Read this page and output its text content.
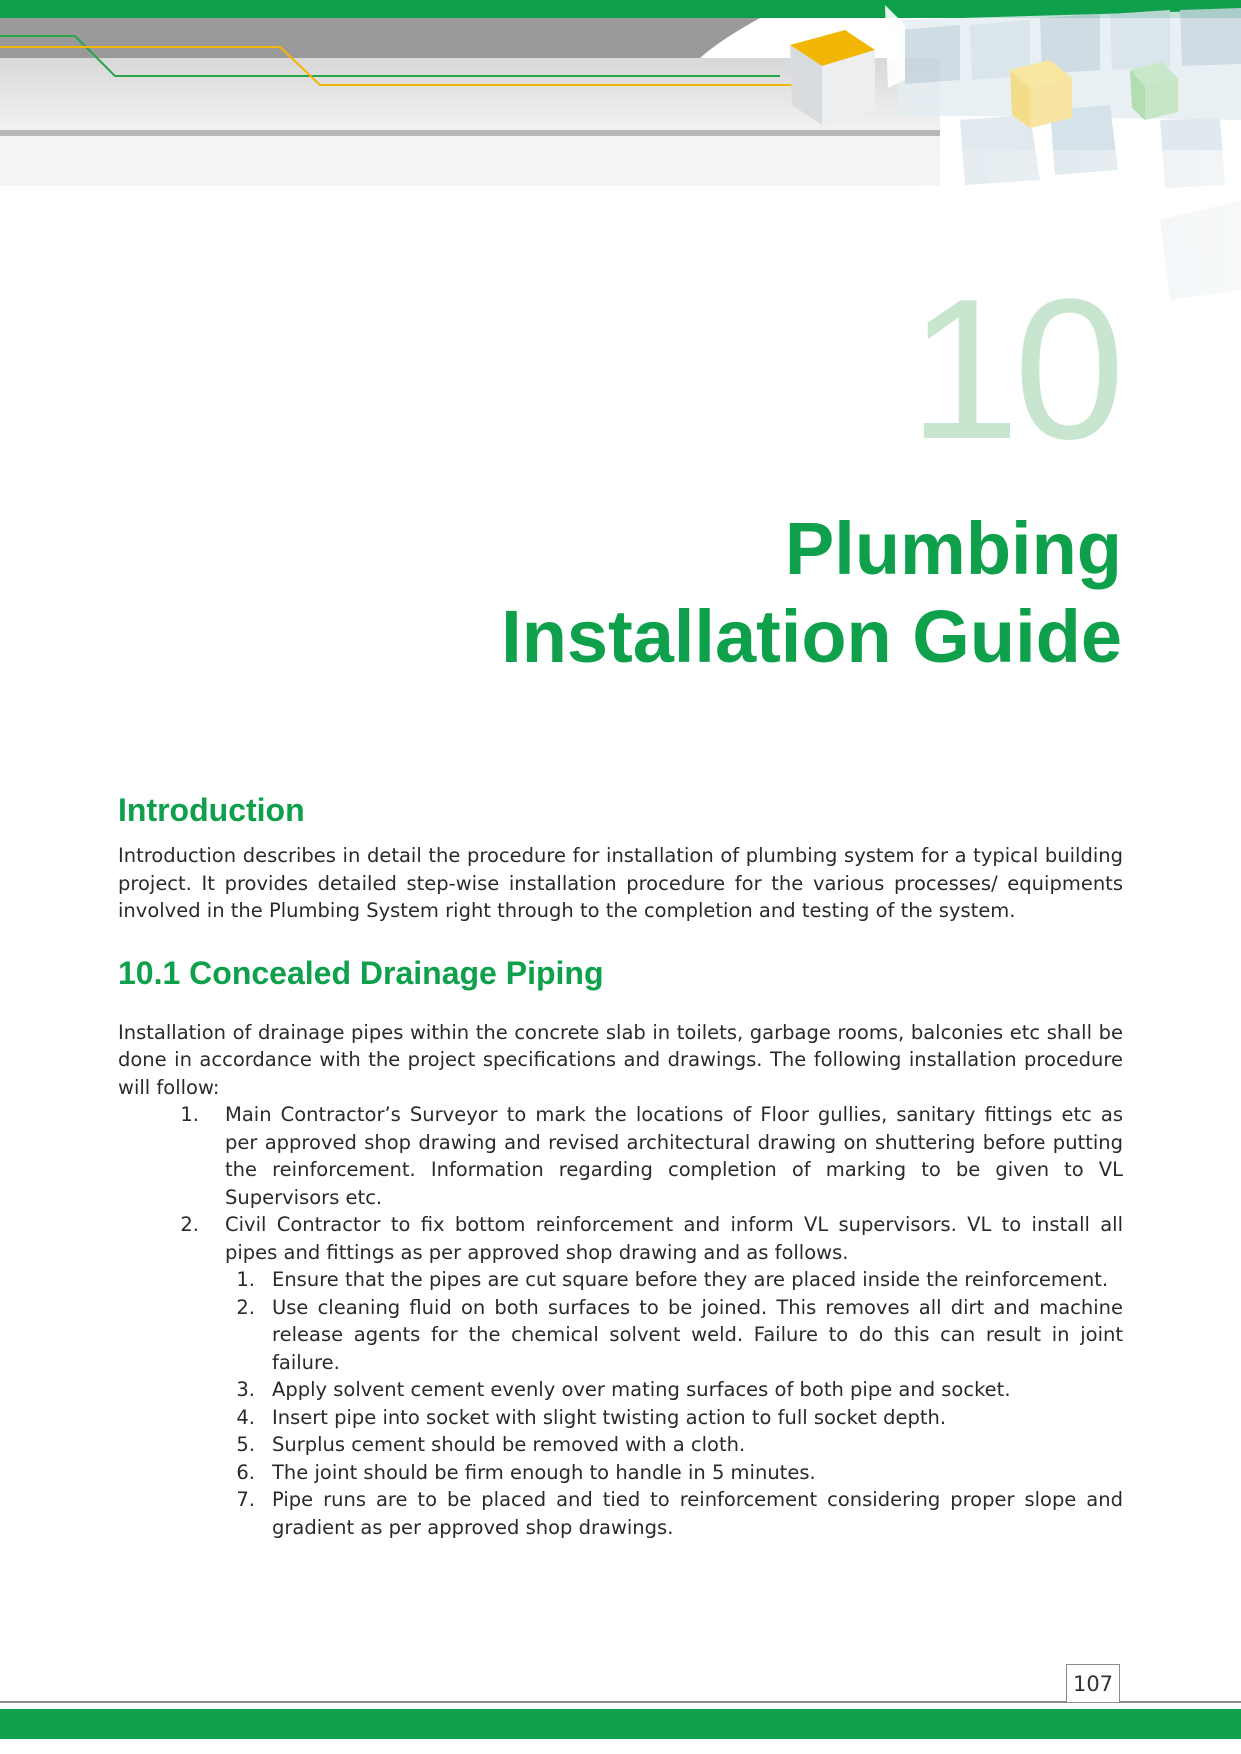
10
Plumbing
Installation Guide
Introduction

Introduction describes in detail the procedure for installation of plumbing system for a typical building project. It provides detailed step-wise installation procedure for the various processes/ equipments involved in the Plumbing System right through to the completion and testing of the system.

10.1 Concealed Drainage Piping

Installation of drainage pipes within the concrete slab in toilets, garbage rooms, balconies etc shall be done in accordance with the project specifications and drawings. The following installation procedure will follow:

1. Main Contractor’s Surveyor to mark the locations of Floor gullies, sanitary fittings etc as per approved shop drawing and revised architectural drawing on shuttering before putting the reinforcement. Information regarding completion of marking to be given to VL Supervisors etc.
2. Civil Contractor to fix bottom reinforcement and inform VL supervisors. VL to install all pipes and fittings as per approved shop drawing and as follows.
1. Ensure that the pipes are cut square before they are placed inside the reinforcement.
2. Use cleaning fluid on both surfaces to be joined. This removes all dirt and machine release agents for the chemical solvent weld. Failure to do this can result in joint failure.
3. Apply solvent cement evenly over mating surfaces of both pipe and socket.
4. Insert pipe into socket with slight twisting action to full socket depth.
5. Surplus cement should be removed with a cloth.
6. The joint should be firm enough to handle in 5 minutes.
7. Pipe runs are to be placed and tied to reinforcement considering proper slope and gradient as per approved shop drawings.
107
